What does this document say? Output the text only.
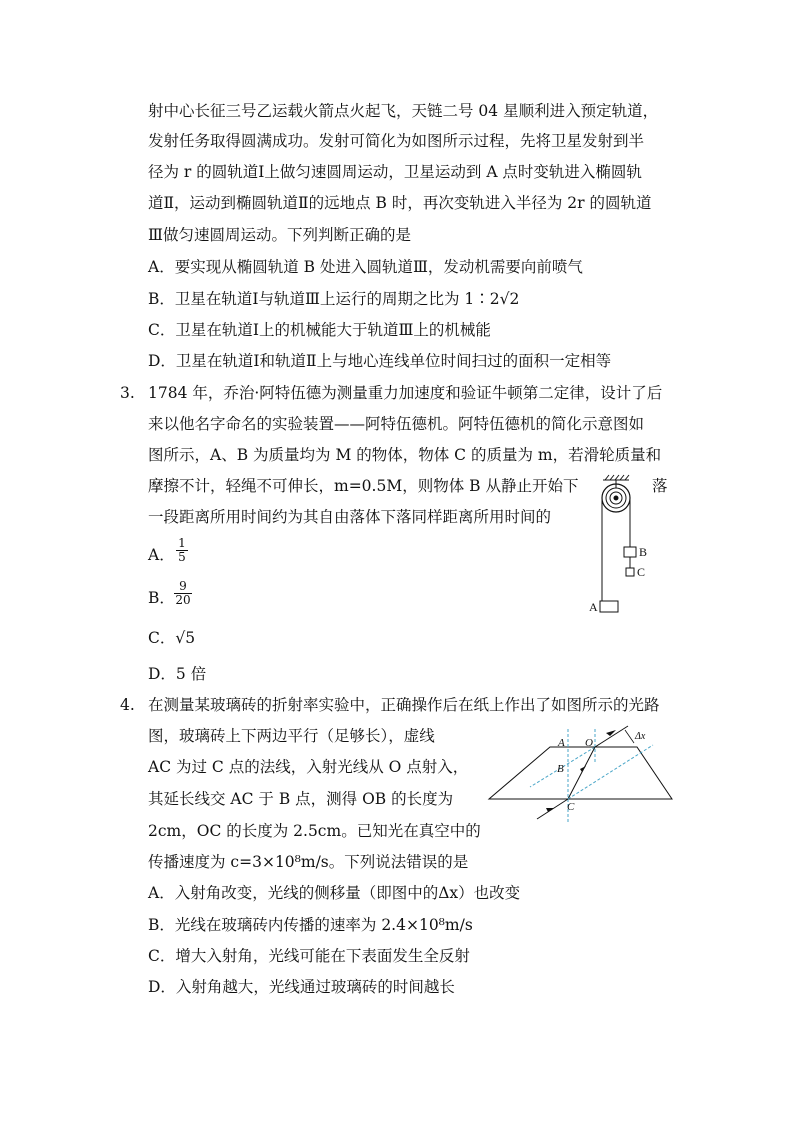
射中心长征三号乙运载火箭点火起飞，天链二号 04 星顺利进入预定轨道，
发射任务取得圆满成功。发射可简化为如图所示过程，先将卫星发射到半
径为 r 的圆轨道Ⅰ上做匀速圆周运动，卫星运动到 A 点时变轨进入椭圆轨
道Ⅱ，运动到椭圆轨道Ⅱ的远地点 B 时，再次变轨进入半径为 2r 的圆轨道
Ⅲ做匀速圆周运动。下列判断正确的是
A．要实现从椭圆轨道 B 处进入圆轨道Ⅲ，发动机需要向前喷气
B．卫星在轨道Ⅰ与轨道Ⅲ上运行的周期之比为 1∶2√2
C．卫星在轨道Ⅰ上的机械能大于轨道Ⅲ上的机械能
D．卫星在轨道Ⅰ和轨道Ⅱ上与地心连线单位时间扫过的面积一定相等
3. 1784 年，乔治·阿特伍德为测量重力加速度和验证牛顿第二定律，设计了后
来以他名字命名的实验装置——阿特伍德机。阿特伍德机的简化示意图如
图所示，A、B 为质量均为 M 的物体，物体 C 的质量为 m，若滑轮质量和
摩擦不计，轻绳不可伸长，m=0.5M，则物体 B 从静止开始下	落
一段距离所用时间约为其自由落体下落同样距离所用时间的
A． $\frac{1}{5}$
B． $\frac{9}{20}$
C．√5
D．5 倍
B
C
A
4. 在测量某玻璃砖的折射率实验中，正确操作后在纸上作出了如图所示的光路
图，玻璃砖上下两边平行（足够长），虚线
AC 为过 C 点的法线，入射光线从 O 点射入，
其延长线交 AC 于 B 点，测得 OB 的长度为
2cm，OC 的长度为 2.5cm。已知光在真空中的
传播速度为 c=3×10⁸m/s。下列说法错误的是
A．入射角改变，光线的侧移量（即图中的Δx）也改变
B．光线在玻璃砖内传播的速率为 2.4×10⁸m/s
C．增大入射角，光线可能在下表面发生全反射
D．入射角越大，光线通过玻璃砖的时间越长
A O
B
C
Δx
